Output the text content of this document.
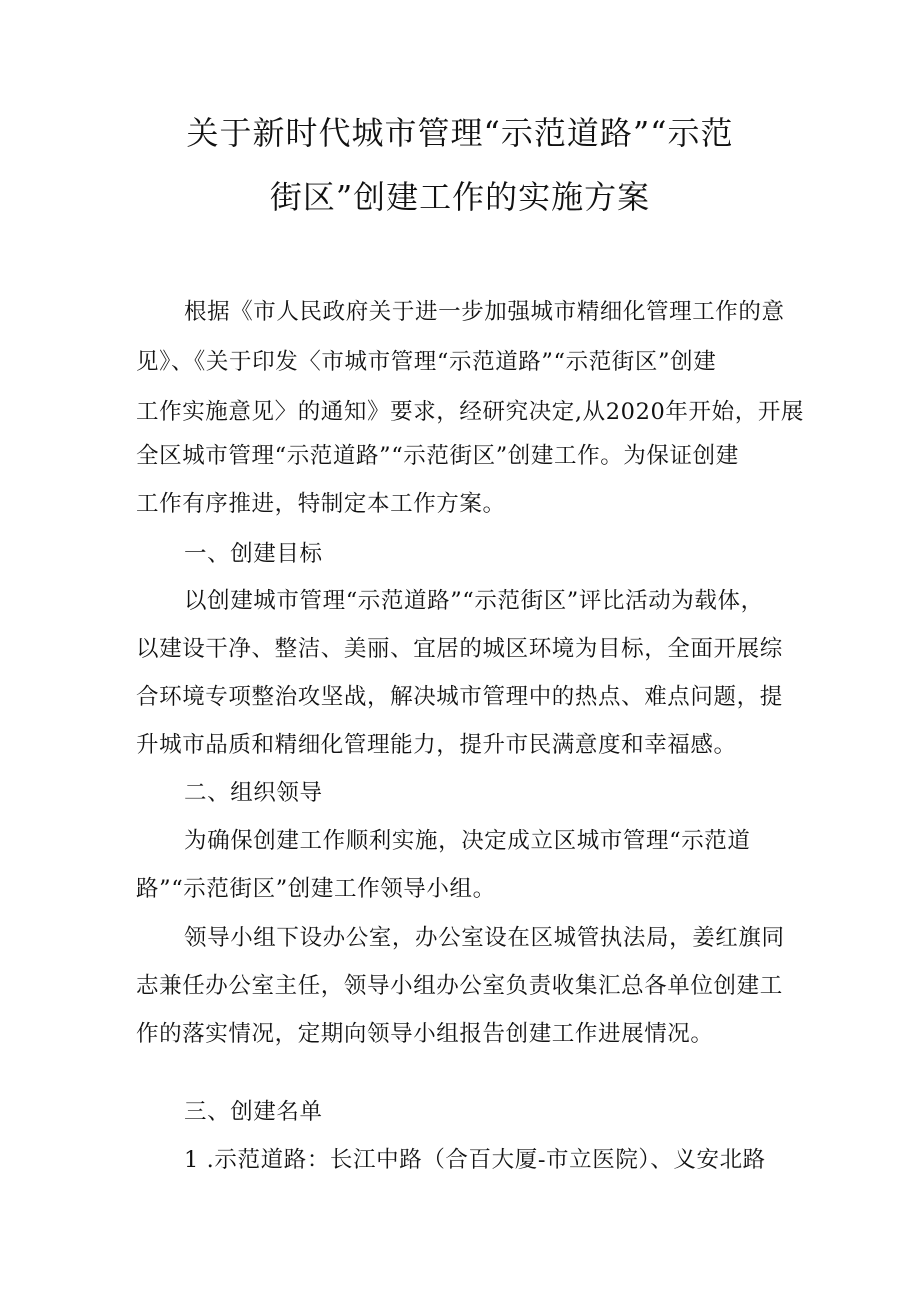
关于新时代城市管理“示范道路”“示范
街区”创建工作的实施方案
根据《市人民政府关于进一步加强城市精细化管理工作的意
见》、《关于印发〈市城市管理“示范道路”“示范街区”创建
工作实施意见〉的通知》要求，经研究决定,从2020年开始，开展
全区城市管理“示范道路”“示范街区”创建工作。为保证创建
工作有序推进，特制定本工作方案。
一、创建目标
以创建城市管理“示范道路”“示范街区”评比活动为载体，
以建设干净、整洁、美丽、宜居的城区环境为目标，全面开展综
合环境专项整治攻坚战，解决城市管理中的热点、难点问题，提
升城市品质和精细化管理能力，提升市民满意度和幸福感。
二、组织领导
为确保创建工作顺利实施，决定成立区城市管理“示范道
路”“示范街区”创建工作领导小组。
领导小组下设办公室，办公室设在区城管执法局，姜红旗同
志兼任办公室主任，领导小组办公室负责收集汇总各单位创建工
作的落实情况，定期向领导小组报告创建工作进展情况。
三、创建名单
1 .示范道路：长江中路（合百大厦-市立医院）、义安北路
